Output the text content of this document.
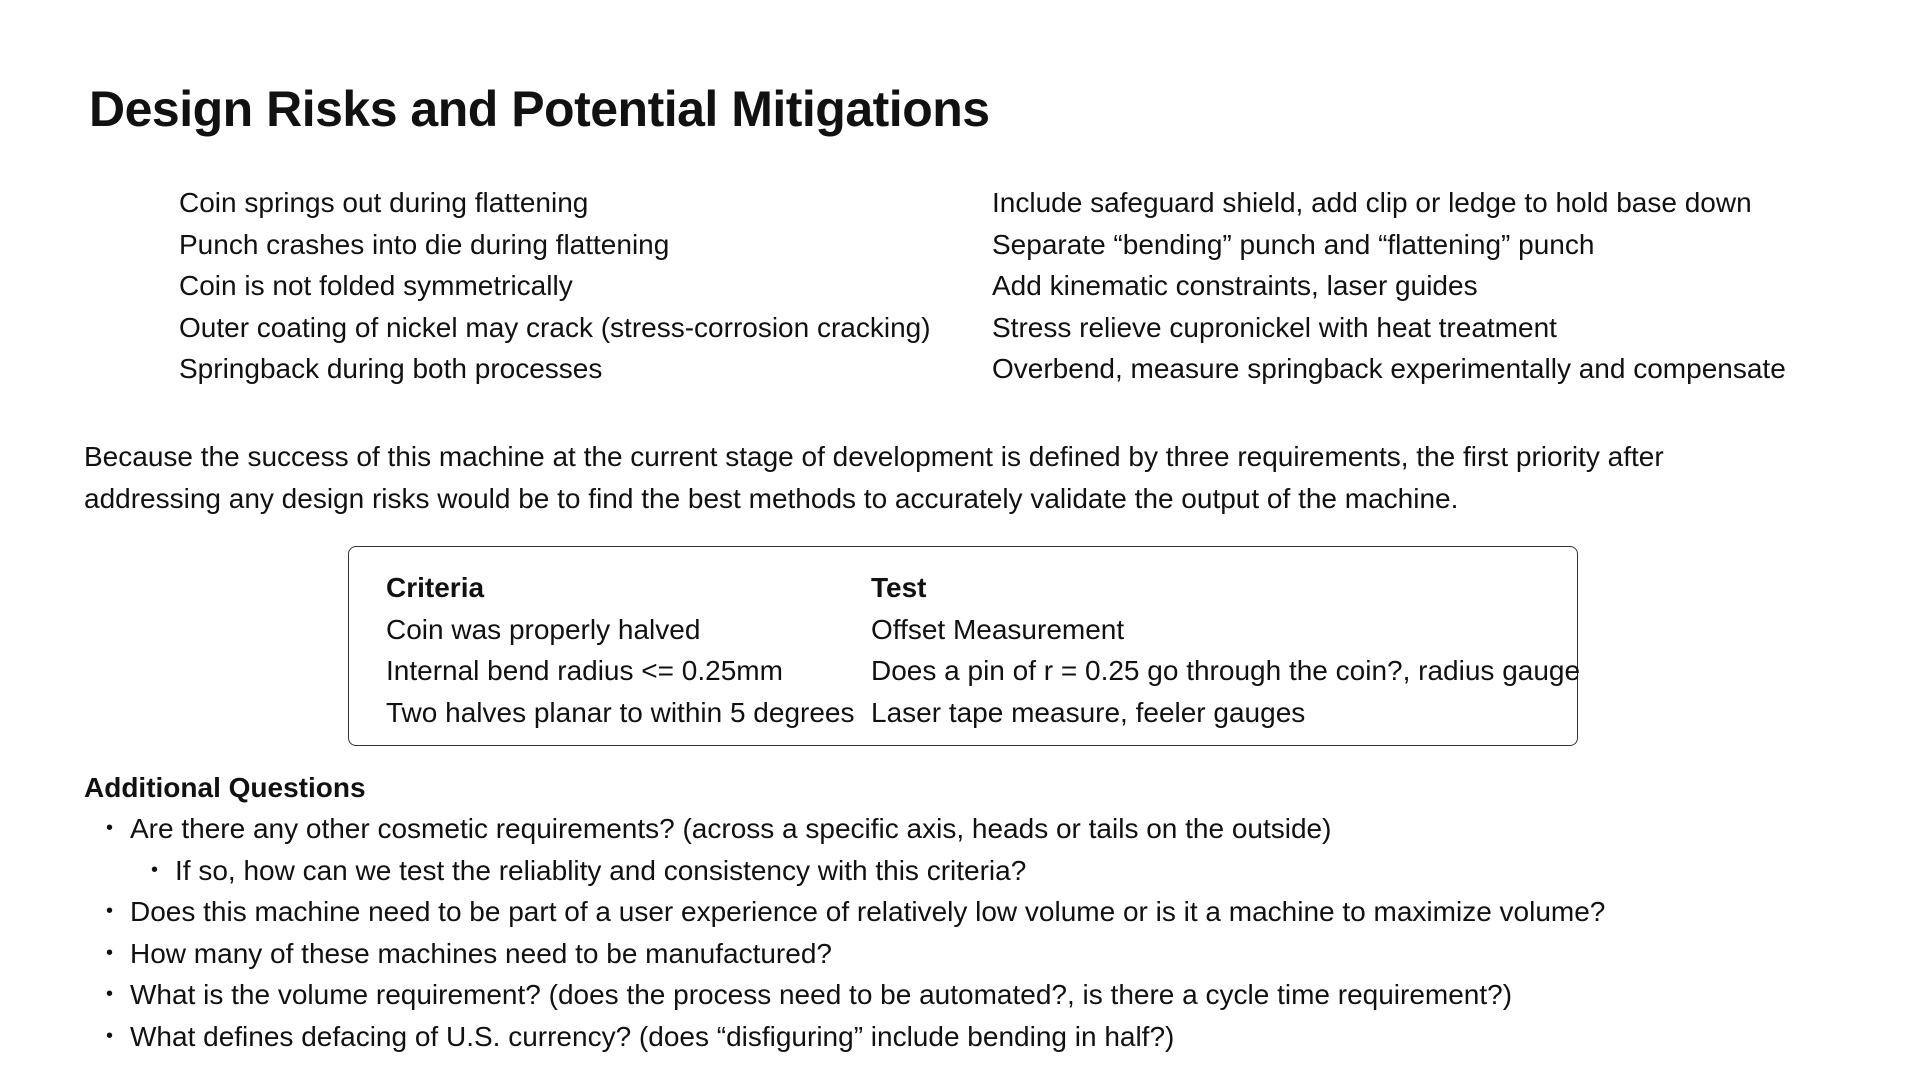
Design Risks and Potential Mitigations
Coin springs out during flattening
Punch crashes into die during flattening
Coin is not folded symmetrically
Outer coating of nickel may crack (stress-corrosion cracking)
Springback during both processes
Include safeguard shield, add clip or ledge to hold base down
Separate “bending” punch and “flattening” punch
Add kinematic constraints, laser guides
Stress relieve cupronickel with heat treatment
Overbend, measure springback experimentally and compensate

Because the success of this machine at the current stage of development is defined by three requirements, the first priority after
addressing any design risks would be to find the best methods to accurately validate the output of the machine.

Criteria
Coin was properly halved
Internal bend radius <= 0.25mm
Two halves planar to within 5 degrees
Test
Offset Measurement
Does a pin of r = 0.25 go through the coin?, radius gauge
Laser tape measure, feeler gauges
Additional Questions
• Are there any other cosmetic requirements? (across a specific axis, heads or tails on the outside)
• If so, how can we test the reliablity and consistency with this criteria?
• Does this machine need to be part of a user experience of relatively low volume or is it a machine to maximize volume?
• How many of these machines need to be manufactured?
• What is the volume requirement? (does the process need to be automated?, is there a cycle time requirement?)
• What defines defacing of U.S. currency? (does “disfiguring” include bending in half?)
